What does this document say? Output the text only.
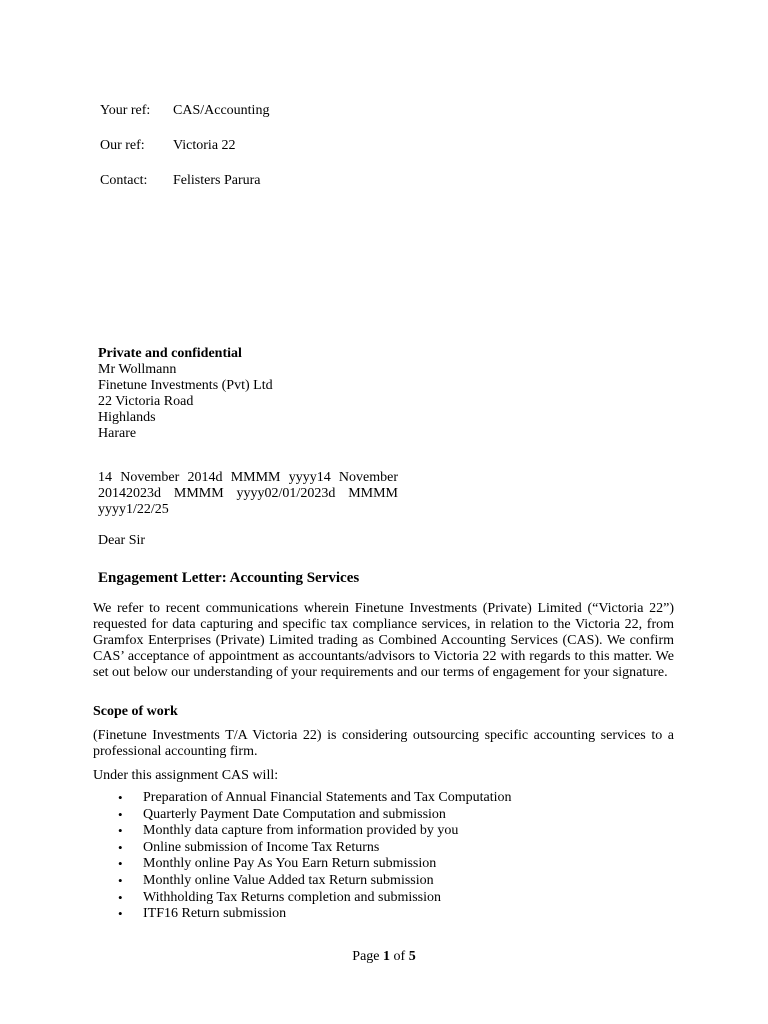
Your ref: CAS/Accounting
Our ref: Victoria 22
Contact: Felisters Parura
Private and confidential
Mr Wollmann
Finetune Investments (Pvt) Ltd
22 Victoria Road
Highlands
Harare
14 November 2014d MMMM yyyy14 November 20142023d MMMM yyyy02/01/2023d MMMM yyyy1/22/25
Dear Sir
Engagement Letter: Accounting Services
We refer to recent communications wherein Finetune Investments (Private) Limited (“Victoria 22”) requested for data capturing and specific tax compliance services, in relation to the Victoria 22, from Gramfox Enterprises (Private) Limited trading as Combined Accounting Services (CAS). We confirm CAS’ acceptance of appointment as accountants/advisors to Victoria 22 with regards to this matter. We set out below our understanding of your requirements and our terms of engagement for your signature.
Scope of work
(Finetune Investments T/A Victoria 22) is considering outsourcing specific accounting services to a professional accounting firm.
Under this assignment CAS will:
• Preparation of Annual Financial Statements and Tax Computation
• Quarterly Payment Date Computation and submission
• Monthly data capture from information provided by you
• Online submission of Income Tax Returns
• Monthly online Pay As You Earn Return submission
• Monthly online Value Added tax Return submission
• Withholding Tax Returns completion and submission
• ITF16 Return submission
Page 1 of 5
